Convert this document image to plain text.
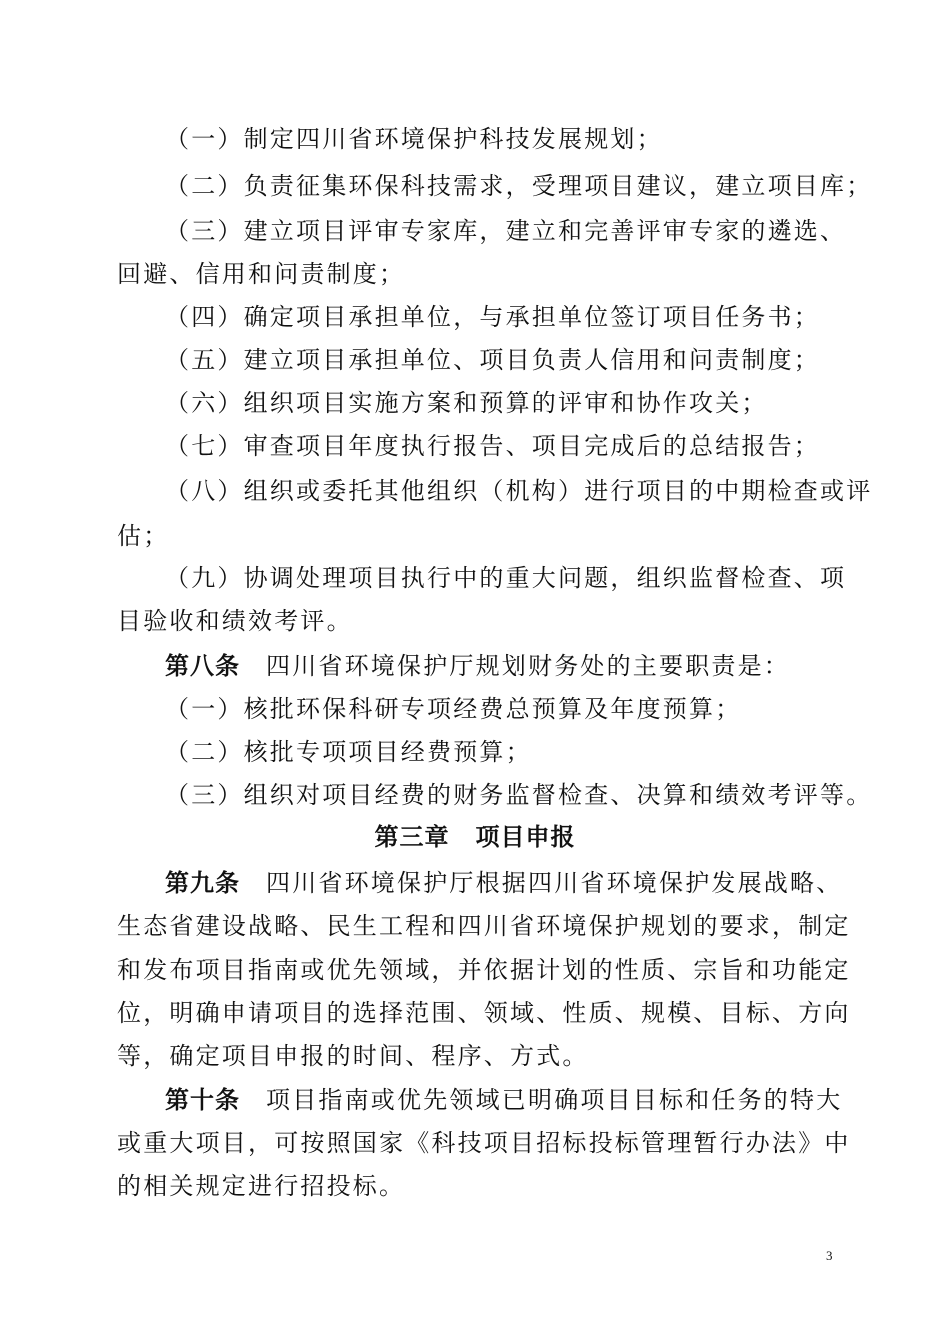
（一）制定四川省环境保护科技发展规划；
（二）负责征集环保科技需求，受理项目建议，建立项目库；
（三）建立项目评审专家库，建立和完善评审专家的遴选、
回避、信用和问责制度；
（四）确定项目承担单位，与承担单位签订项目任务书；
（五）建立项目承担单位、项目负责人信用和问责制度；
（六）组织项目实施方案和预算的评审和协作攻关；
（七）审查项目年度执行报告、项目完成后的总结报告；
（八）组织或委托其他组织（机构）进行项目的中期检查或评
估；
（九）协调处理项目执行中的重大问题，组织监督检查、项
目验收和绩效考评。
第八条 四川省环境保护厅规划财务处的主要职责是：
（一）核批环保科研专项经费总预算及年度预算；
（二）核批专项项目经费预算；
（三）组织对项目经费的财务监督检查、决算和绩效考评等。
第三章 项目申报
第九条 四川省环境保护厅根据四川省环境保护发展战略、
生态省建设战略、民生工程和四川省环境保护规划的要求，制定
和发布项目指南或优先领域，并依据计划的性质、宗旨和功能定
位，明确申请项目的选择范围、领域、性质、规模、目标、方向
等，确定项目申报的时间、程序、方式。
第十条 项目指南或优先领域已明确项目目标和任务的特大
或重大项目，可按照国家《科技项目招标投标管理暂行办法》中
的相关规定进行招投标。
3
